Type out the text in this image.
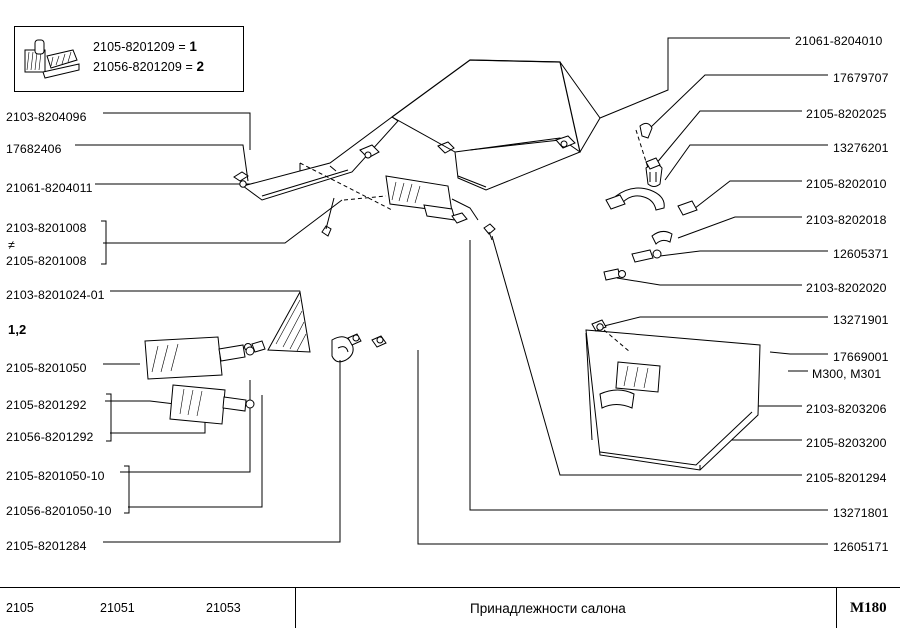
2105-8201209 = 1
21056-8201209 = 2
2103-8204096
17682406
21061-8204011
2103-8201008
≠
2105-8201008
2103-8201024-01
1,2
2105-8201050
2105-8201292
21056-8201292
2105-8201050-10
21056-8201050-10
2105-8201284
21061-8204010
17679707
2105-8202025
13276201
2105-8202010
2103-8202018
12605371
2103-8202020
13271901
17669001
M300, M301
2103-8203206
2105-8203200
2105-8201294
13271801
12605171
2105	21051	21053	Принадлежности салона	M180
